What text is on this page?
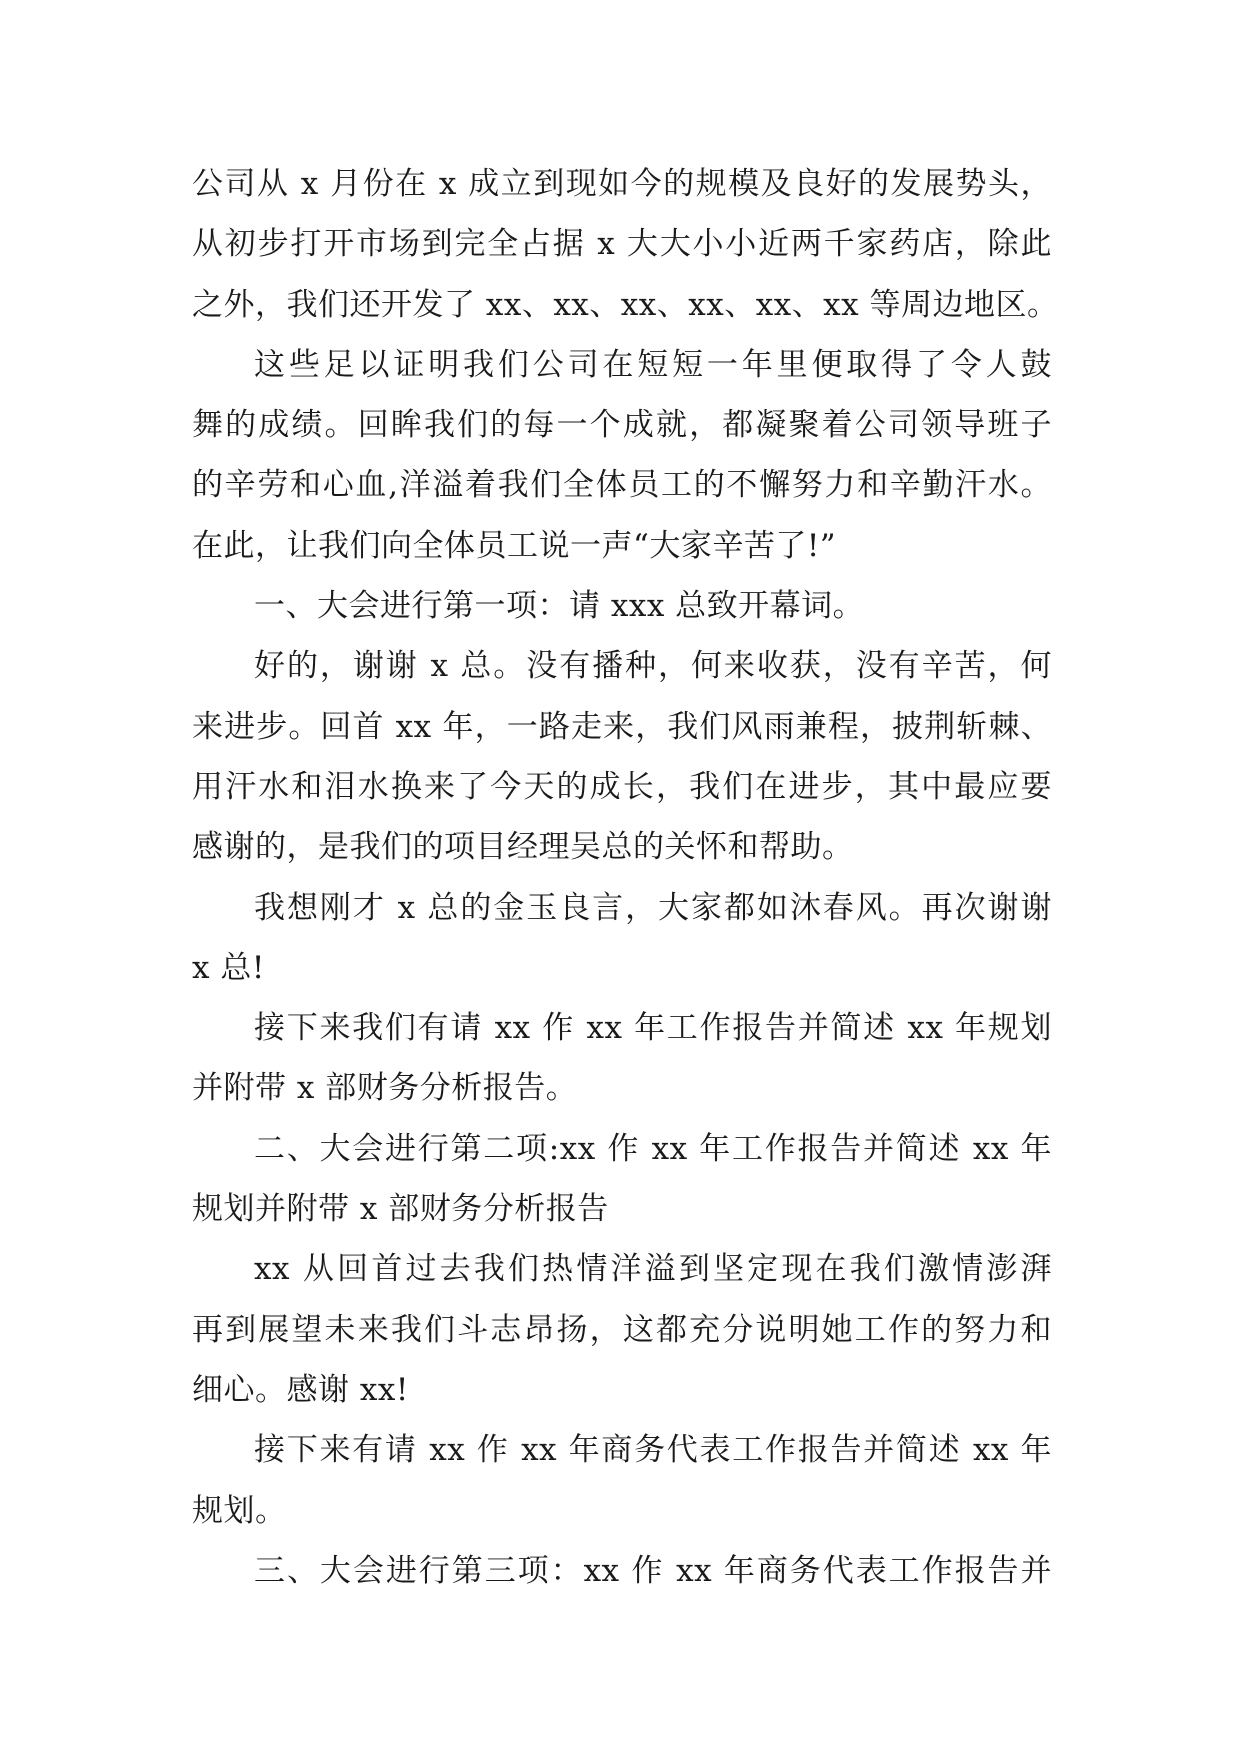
公司从 x 月份在 x 成立到现如今的规模及良好的发展势头，
从初步打开市场到完全占据 x 大大小小近两千家药店，除此
之外，我们还开发了 xx、xx、xx、xx、xx、xx 等周边地区。
这些足以证明我们公司在短短一年里便取得了令人鼓
舞的成绩。回眸我们的每一个成就，都凝聚着公司领导班子
的辛劳和心血,洋溢着我们全体员工的不懈努力和辛勤汗水。
在此，让我们向全体员工说一声“大家辛苦了!”
一、大会进行第一项：请 xxx 总致开幕词。
好的，谢谢 x 总。没有播种，何来收获，没有辛苦，何
来进步。回首 xx 年，一路走来，我们风雨兼程，披荆斩棘、
用汗水和泪水换来了今天的成长，我们在进步，其中最应要
感谢的，是我们的项目经理吴总的关怀和帮助。
我想刚才 x 总的金玉良言，大家都如沐春风。再次谢谢
x 总!
接下来我们有请 xx 作 xx 年工作报告并简述 xx 年规划
并附带 x 部财务分析报告。
二、大会进行第二项:xx 作 xx 年工作报告并简述 xx 年
规划并附带 x 部财务分析报告
xx 从回首过去我们热情洋溢到坚定现在我们激情澎湃
再到展望未来我们斗志昂扬，这都充分说明她工作的努力和
细心。感谢 xx!
接下来有请 xx 作 xx 年商务代表工作报告并简述 xx 年
规划。
三、大会进行第三项：xx 作 xx 年商务代表工作报告并
